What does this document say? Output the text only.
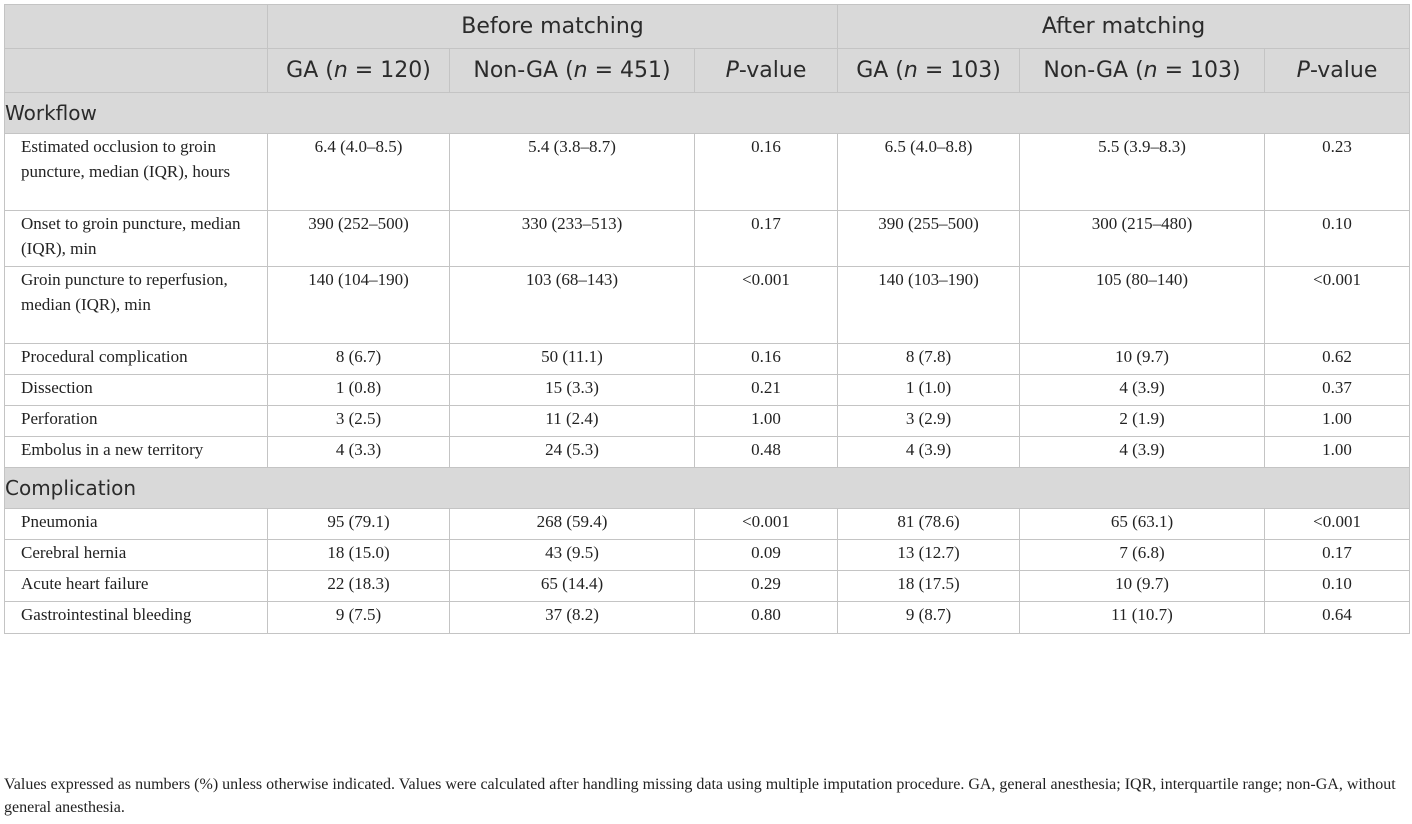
	Before matching			After matching		
	GA (n = 120)	Non-GA (n = 451)	P-value	GA (n = 103)	Non-GA (n = 103)	P-value
Workflow						
Estimated occlusion to groin puncture, median (IQR), hours	6.4 (4.0–8.5)	5.4 (3.8–8.7)	0.16	6.5 (4.0–8.8)	5.5 (3.9–8.3)	0.23
Onset to groin puncture, median (IQR), min	390 (252–500)	330 (233–513)	0.17	390 (255–500)	300 (215–480)	0.10
Groin puncture to reperfusion, median (IQR), min	140 (104–190)	103 (68–143)	<0.001	140 (103–190)	105 (80–140)	<0.001
Procedural complication	8 (6.7)	50 (11.1)	0.16	8 (7.8)	10 (9.7)	0.62
Dissection	1 (0.8)	15 (3.3)	0.21	1 (1.0)	4 (3.9)	0.37
Perforation	3 (2.5)	11 (2.4)	1.00	3 (2.9)	2 (1.9)	1.00
Embolus in a new territory	4 (3.3)	24 (5.3)	0.48	4 (3.9)	4 (3.9)	1.00
Complication						
Pneumonia	95 (79.1)	268 (59.4)	<0.001	81 (78.6)	65 (63.1)	<0.001
Cerebral hernia	18 (15.0)	43 (9.5)	0.09	13 (12.7)	7 (6.8)	0.17
Acute heart failure	22 (18.3)	65 (14.4)	0.29	18 (17.5)	10 (9.7)	0.10
Gastrointestinal bleeding	9 (7.5)	37 (8.2)	0.80	9 (8.7)	11 (10.7)	0.64
Values expressed as numbers (%) unless otherwise indicated. Values were calculated after handling missing data using multiple imputation procedure. GA, general anesthesia; IQR, interquartile range; non-GA, without general anesthesia.
